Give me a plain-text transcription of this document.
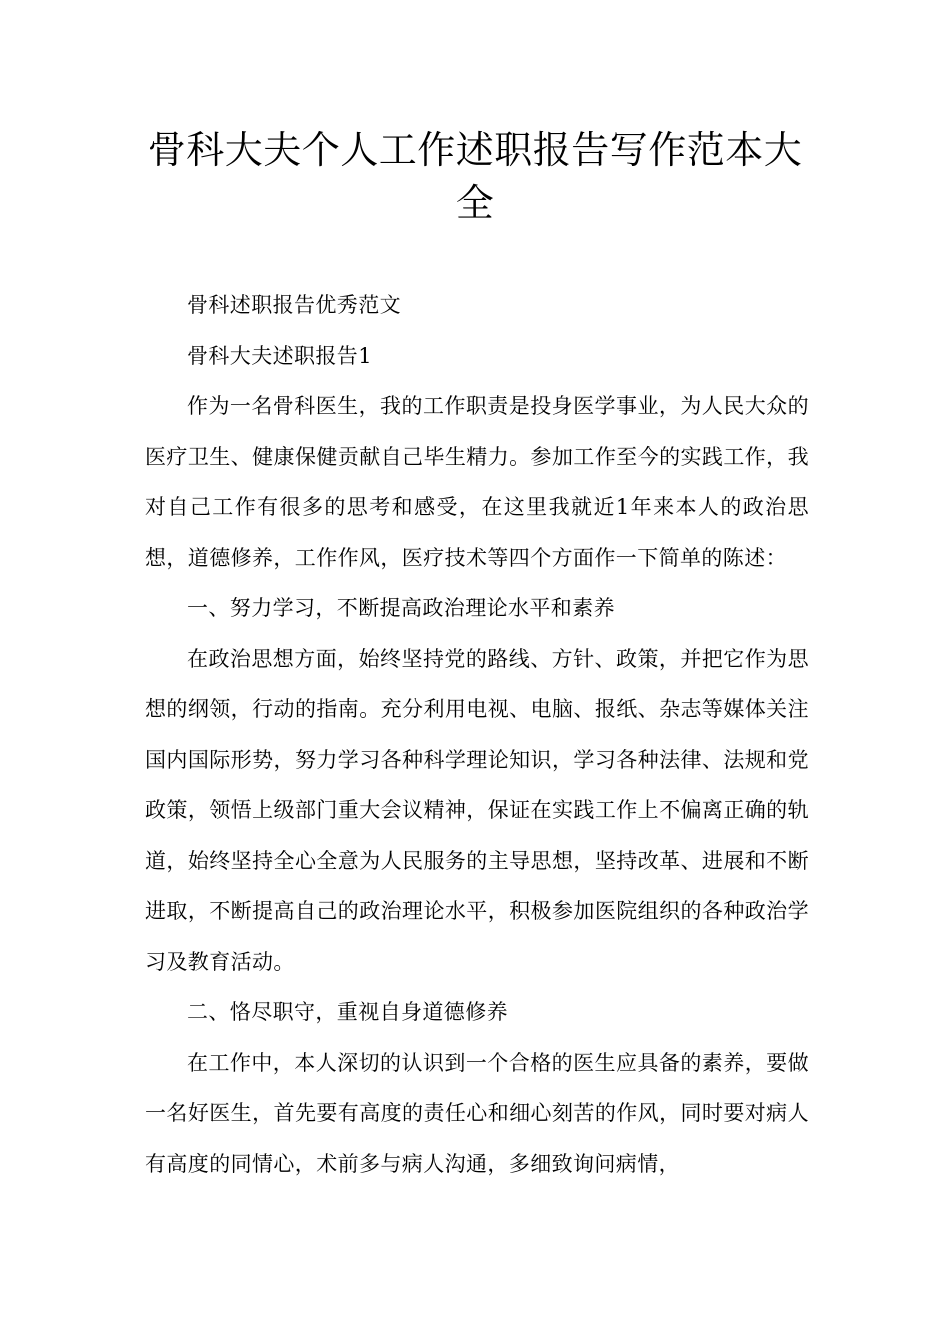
骨科大夫个人工作述职报告写作范本大全

骨科述职报告优秀范文

骨科大夫述职报告1

作为一名骨科医生，我的工作职责是投身医学事业，为人民大众的医疗卫生、健康保健贡献自己毕生精力。参加工作至今的实践工作，我对自己工作有很多的思考和感受，在这里我就近1年来本人的政治思想，道德修养，工作作风，医疗技术等四个方面作一下简单的陈述：

一、努力学习，不断提高政治理论水平和素养

在政治思想方面，始终坚持党的路线、方针、政策，并把它作为思想的纲领，行动的指南。充分利用电视、电脑、报纸、杂志等媒体关注国内国际形势，努力学习各种科学理论知识，学习各种法律、法规和党政策，领悟上级部门重大会议精神，保证在实践工作上不偏离正确的轨道，始终坚持全心全意为人民服务的主导思想，坚持改革、进展和不断进取，不断提高自己的政治理论水平，积极参加医院组织的各种政治学习及教育活动。

二、恪尽职守，重视自身道德修养

在工作中，本人深切的认识到一个合格的医生应具备的素养，要做一名好医生，首先要有高度的责任心和细心刻苦的作风，同时要对病人有高度的同情心，术前多与病人沟通，多细致询问病情，
